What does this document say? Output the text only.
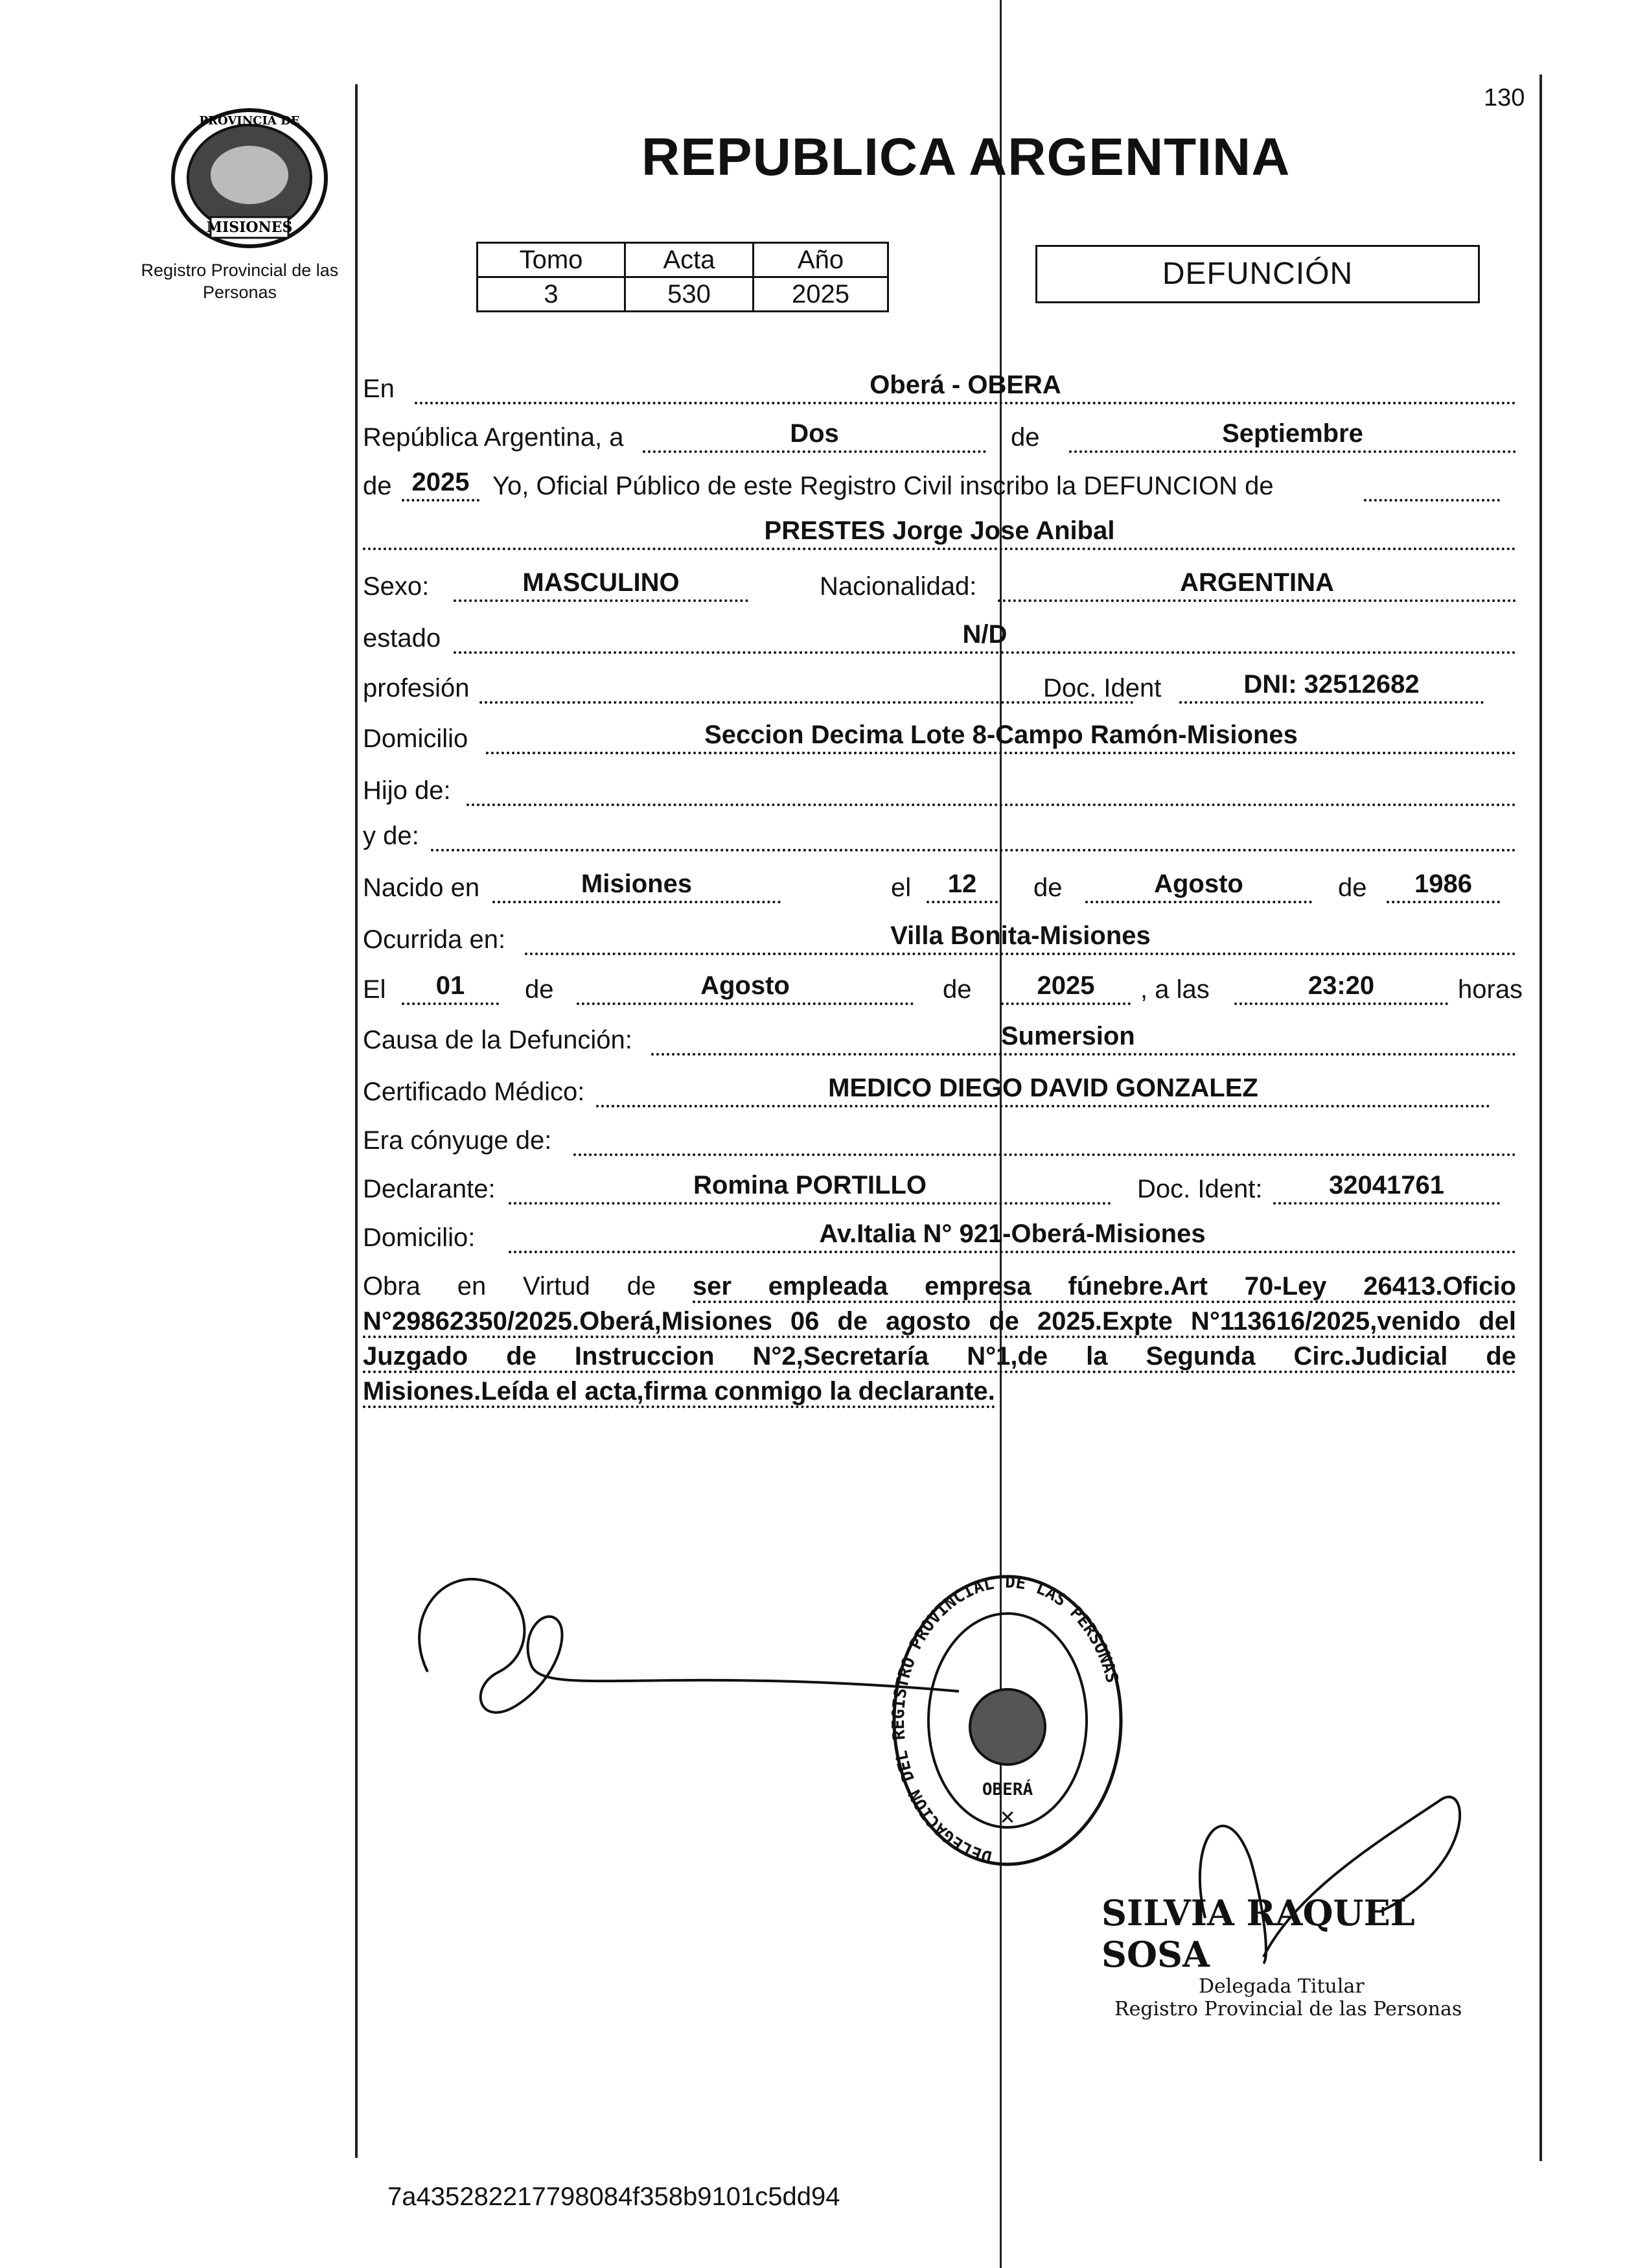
MISIONES
PROVINCIA DE
Registro Provincial de las Personas
130
REPUBLICA ARGENTINA
Tomo	Acta	Año
3	530	2025
DEFUNCIÓN
En	Oberá - OBERA
República Argentina, a	Dos	de	Septiembre
de 2025 Yo, Oficial Público de este Registro Civil inscribo la DEFUNCION de
PRESTES Jorge Jose Anibal
Sexo:	MASCULINO	Nacionalidad:	ARGENTINA
estado	N/D
profesión	Doc. Ident	DNI: 32512682
Domicilio	Seccion Decima Lote 8-Campo Ramón-Misiones
Hijo de:
y de:
Nacido en	Misiones	el	12	de	Agosto	de	1986
Ocurrida en:	Villa Bonita-Misiones
El	01	de	Agosto	de	2025	, a las	23:20	horas
Causa de la Defunción:	Sumersion
Certificado Médico:	MEDICO DIEGO DAVID GONZALEZ
Era cónyuge de:
Declarante:	Romina PORTILLO	Doc. Ident:	32041761
Domicilio:	Av.Italia N° 921-Oberá-Misiones

Obra en Virtud de ser empleada empresa fúnebre.Art 70-Ley 26413.Oficio

N°29862350/2025.Oberá,Misiones 06 de agosto de 2025.Expte N°113616/2025,venido del

Juzgado de Instruccion N°2,Secretaría N°1,de la Segunda Circ.Judicial de

Misiones.Leída el acta,firma conmigo la declarante.

DELEGACION DEL REGISTRO PROVINCIAL DE LAS PERSONAS
OBERÁ
✕
SILVIA RAQUEL SOSA
Delegada Titular
Registro Provincial de las Personas
7a435282217798084f358b9101c5dd94
